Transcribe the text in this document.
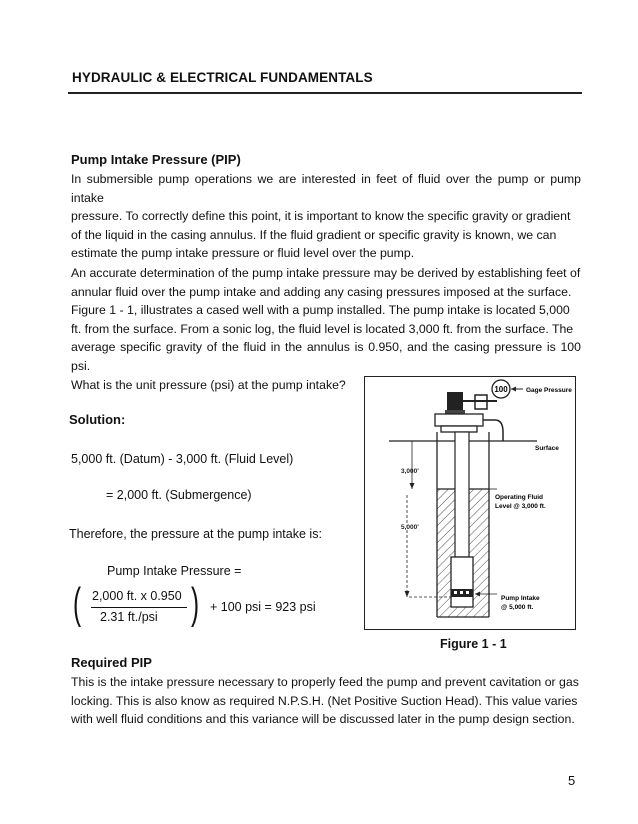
HYDRAULIC & ELECTRICAL FUNDAMENTALS
Pump Intake Pressure (PIP)
In submersible pump operations we are interested in feet of fluid over the pump or pump intake
pressure. To correctly define this point, it is important to know the specific gravity or gradient
of the liquid in the casing annulus. If the fluid gradient or specific gravity is known, we can
estimate the pump intake pressure or fluid level over the pump.
An accurate determination of the pump intake pressure may be derived by establishing feet of
annular fluid over the pump intake and adding any casing pressures imposed at the surface.
Figure 1 - 1, illustrates a cased well with a pump installed. The pump intake is located 5,000
ft. from the surface. From a sonic log, the fluid level is located 3,000 ft. from the surface. The
average specific gravity of the fluid in the annulus is 0.950, and the casing pressure is 100 psi.
What is the unit pressure (psi) at the pump intake?
Solution:
5,000 ft. (Datum) - 3,000 ft. (Fluid Level)
= 2,000 ft. (Submergence)
Therefore, the pressure at the pump intake is:
Pump Intake Pressure =
( )
2,000 ft. x 0.950
2.31 ft./psi
+ 100 psi = 923 psi
100	Gage Pressure
Surface
3,000'
5,000'
Operating Fluid
Level @ 3,000 ft.
Pump Intake
@ 5,000 ft.
Figure 1 - 1
Required PIP
This is the intake pressure necessary to properly feed the pump and prevent cavitation or gas
locking. This is also know as required N.P.S.H. (Net Positive Suction Head). This value varies
with well fluid conditions and this variance will be discussed later in the pump design section.
5
